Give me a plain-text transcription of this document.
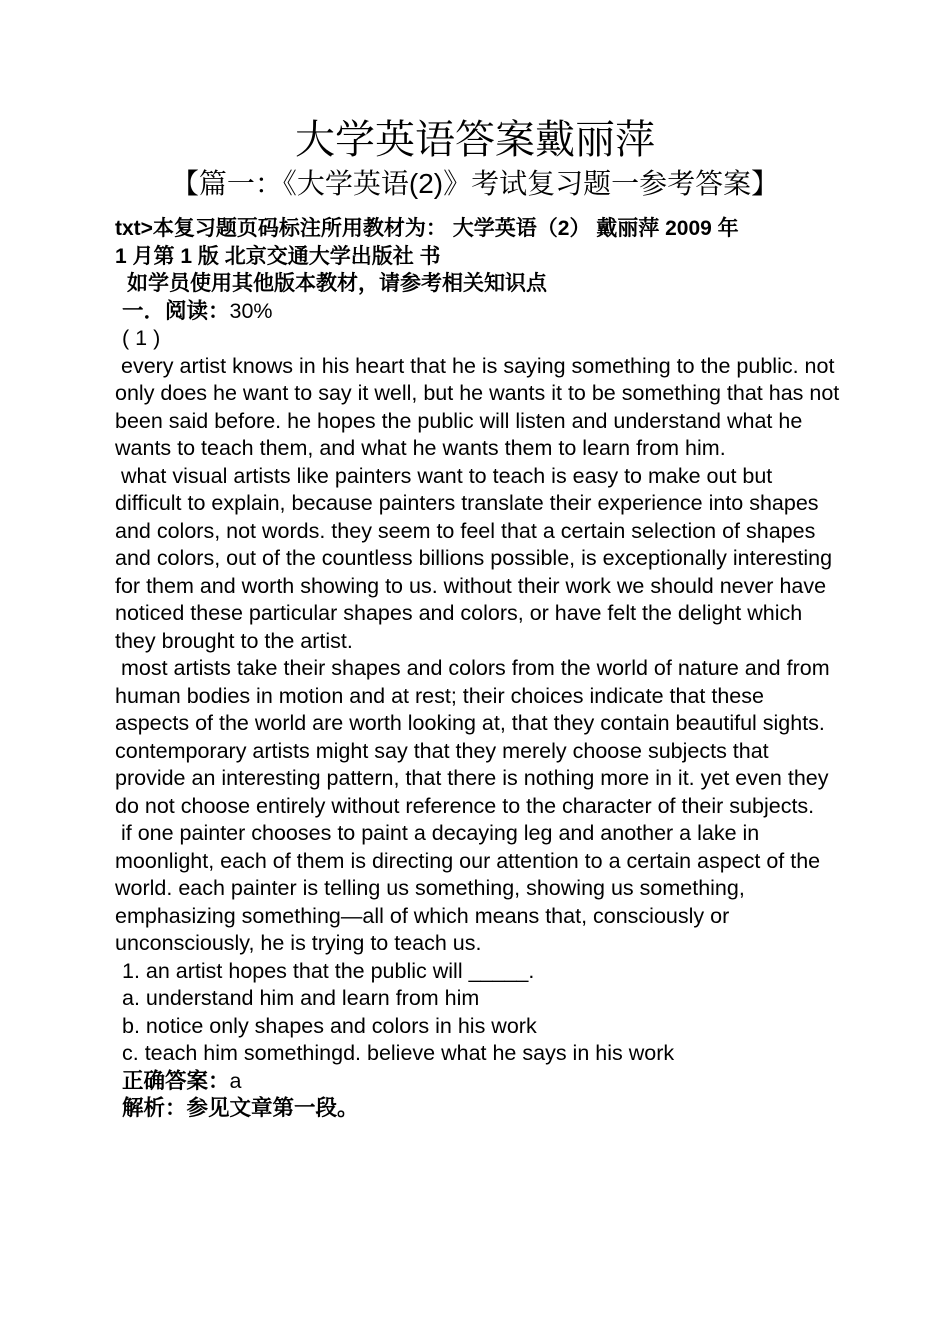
大学英语答案戴丽萍
【篇一：《大学英语(2)》考试复习题一参考答案】

txt>本复习题页码标注所用教材为： 大学英语（2） 戴丽萍 2009 年

1 月第 1 版 北京交通大学出版社 书

如学员使用其他版本教材，请参考相关知识点

一．阅读：30%

( 1 )

every artist knows in his heart that he is saying something to the public. not only does he want to say it well, but he wants it to be something that has not been said before. he hopes the public will listen and understand what he wants to teach them, and what he wants them to learn from him.

what visual artists like painters want to teach is easy to make out but difficult to explain, because painters translate their experience into shapes and colors, not words. they seem to feel that a certain selection of shapes and colors, out of the countless billions possible, is exceptionally interesting for them and worth showing to us. without their work we should never have noticed these particular shapes and colors, or have felt the delight which they brought to the artist.

most artists take their shapes and colors from the world of nature and from human bodies in motion and at rest; their choices indicate that these aspects of the world are worth looking at, that they contain beautiful sights. contemporary artists might say that they merely choose subjects that provide an interesting pattern, that there is nothing more in it. yet even they do not choose entirely without reference to the character of their subjects.

if one painter chooses to paint a decaying leg and another a lake in moonlight, each of them is directing our attention to a certain aspect of the world. each painter is telling us something, showing us something, emphasizing something—all of which means that, consciously or unconsciously, he is trying to teach us.

1. an artist hopes that the public will _____.

a. understand him and learn from him

b. notice only shapes and colors in his work

c. teach him somethingd. believe what he says in his work

正确答案：a

解析：参见文章第一段。
